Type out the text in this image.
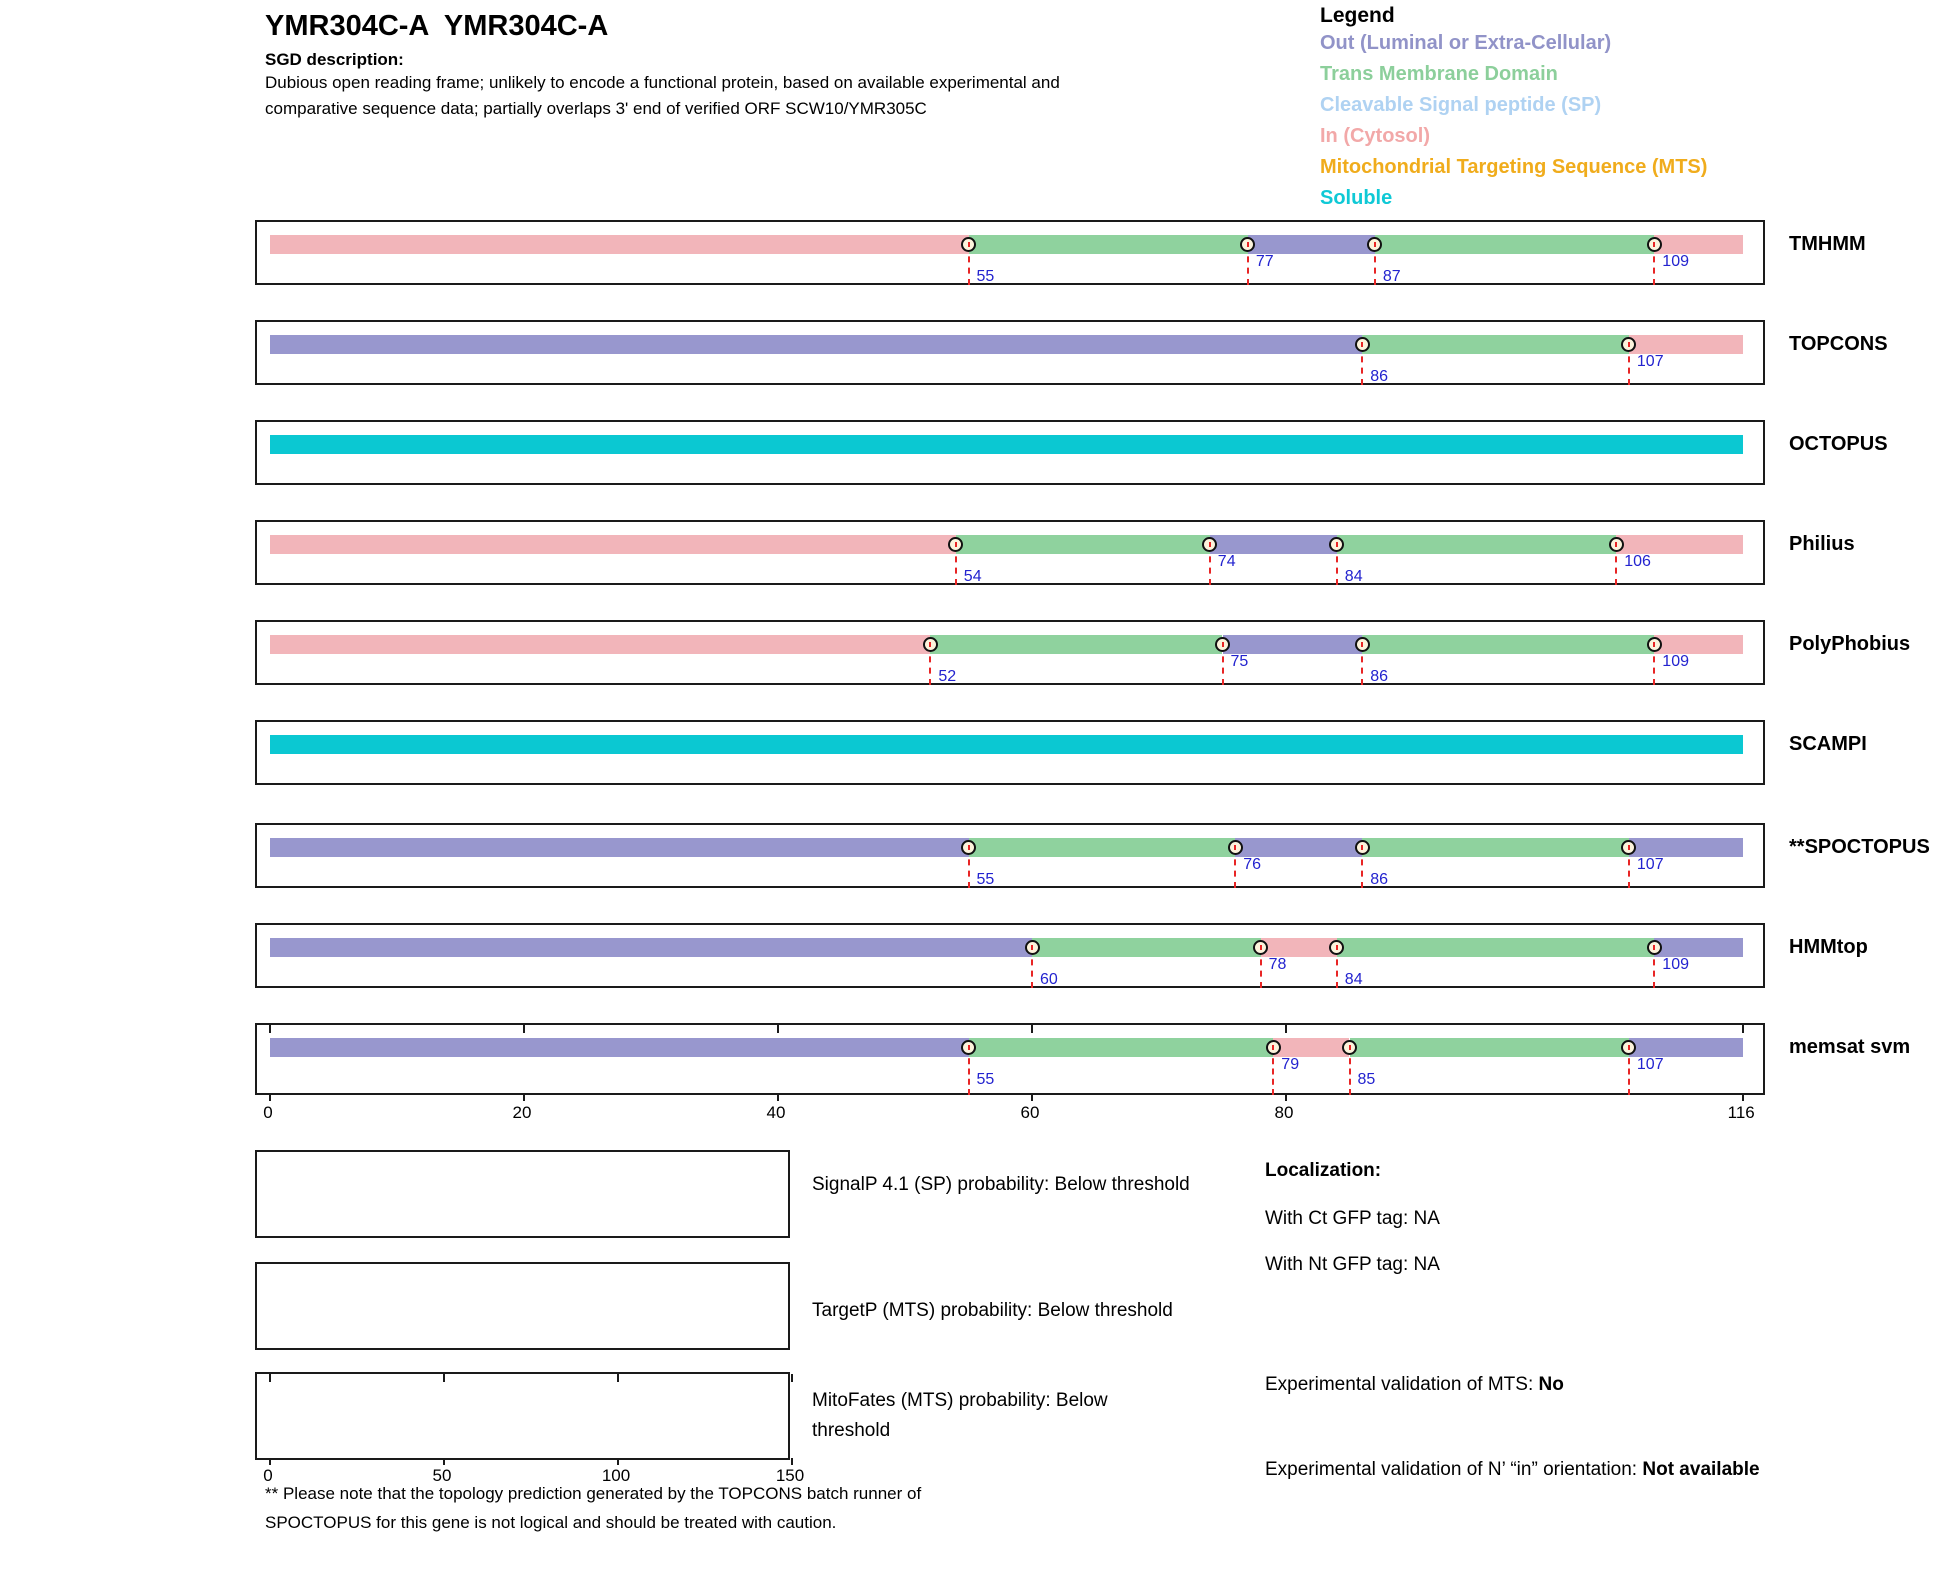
YMR304C-A  YMR304C-A
SGD description:
Dubious open reading frame; unlikely to encode a functional protein, based on available experimental and
comparative sequence data; partially overlaps 3' end of verified ORF SCW10/YMR305C
Legend
Out (Luminal or Extra-Cellular)
Trans Membrane Domain
Cleavable Signal peptide (SP)
In (Cytosol)
Mitochondrial Targeting Sequence (MTS)
Soluble
55
77
87
109
TMHMM
86
107
TOPCONS
OCTOPUS
54
74
84
106
Philius
52
75
86
109
PolyPhobius
SCAMPI
55
76
86
107
**SPOCTOPUS
60
78
84
109
HMMtop
55
79
85
107
memsat svm
0	20	40	60	80	116
0	50	100	150
SignalP 4.1 (SP) probability: Below threshold
TargetP (MTS) probability: Below threshold
MitoFates (MTS) probability: Below threshold
Localization:
With Ct GFP tag: NA
With Nt GFP tag: NA
Experimental validation of MTS: No
Experimental validation of N’ “in” orientation: Not available
** Please note that the topology prediction generated by the TOPCONS batch runner of
SPOCTOPUS for this gene is not logical and should be treated with caution.
